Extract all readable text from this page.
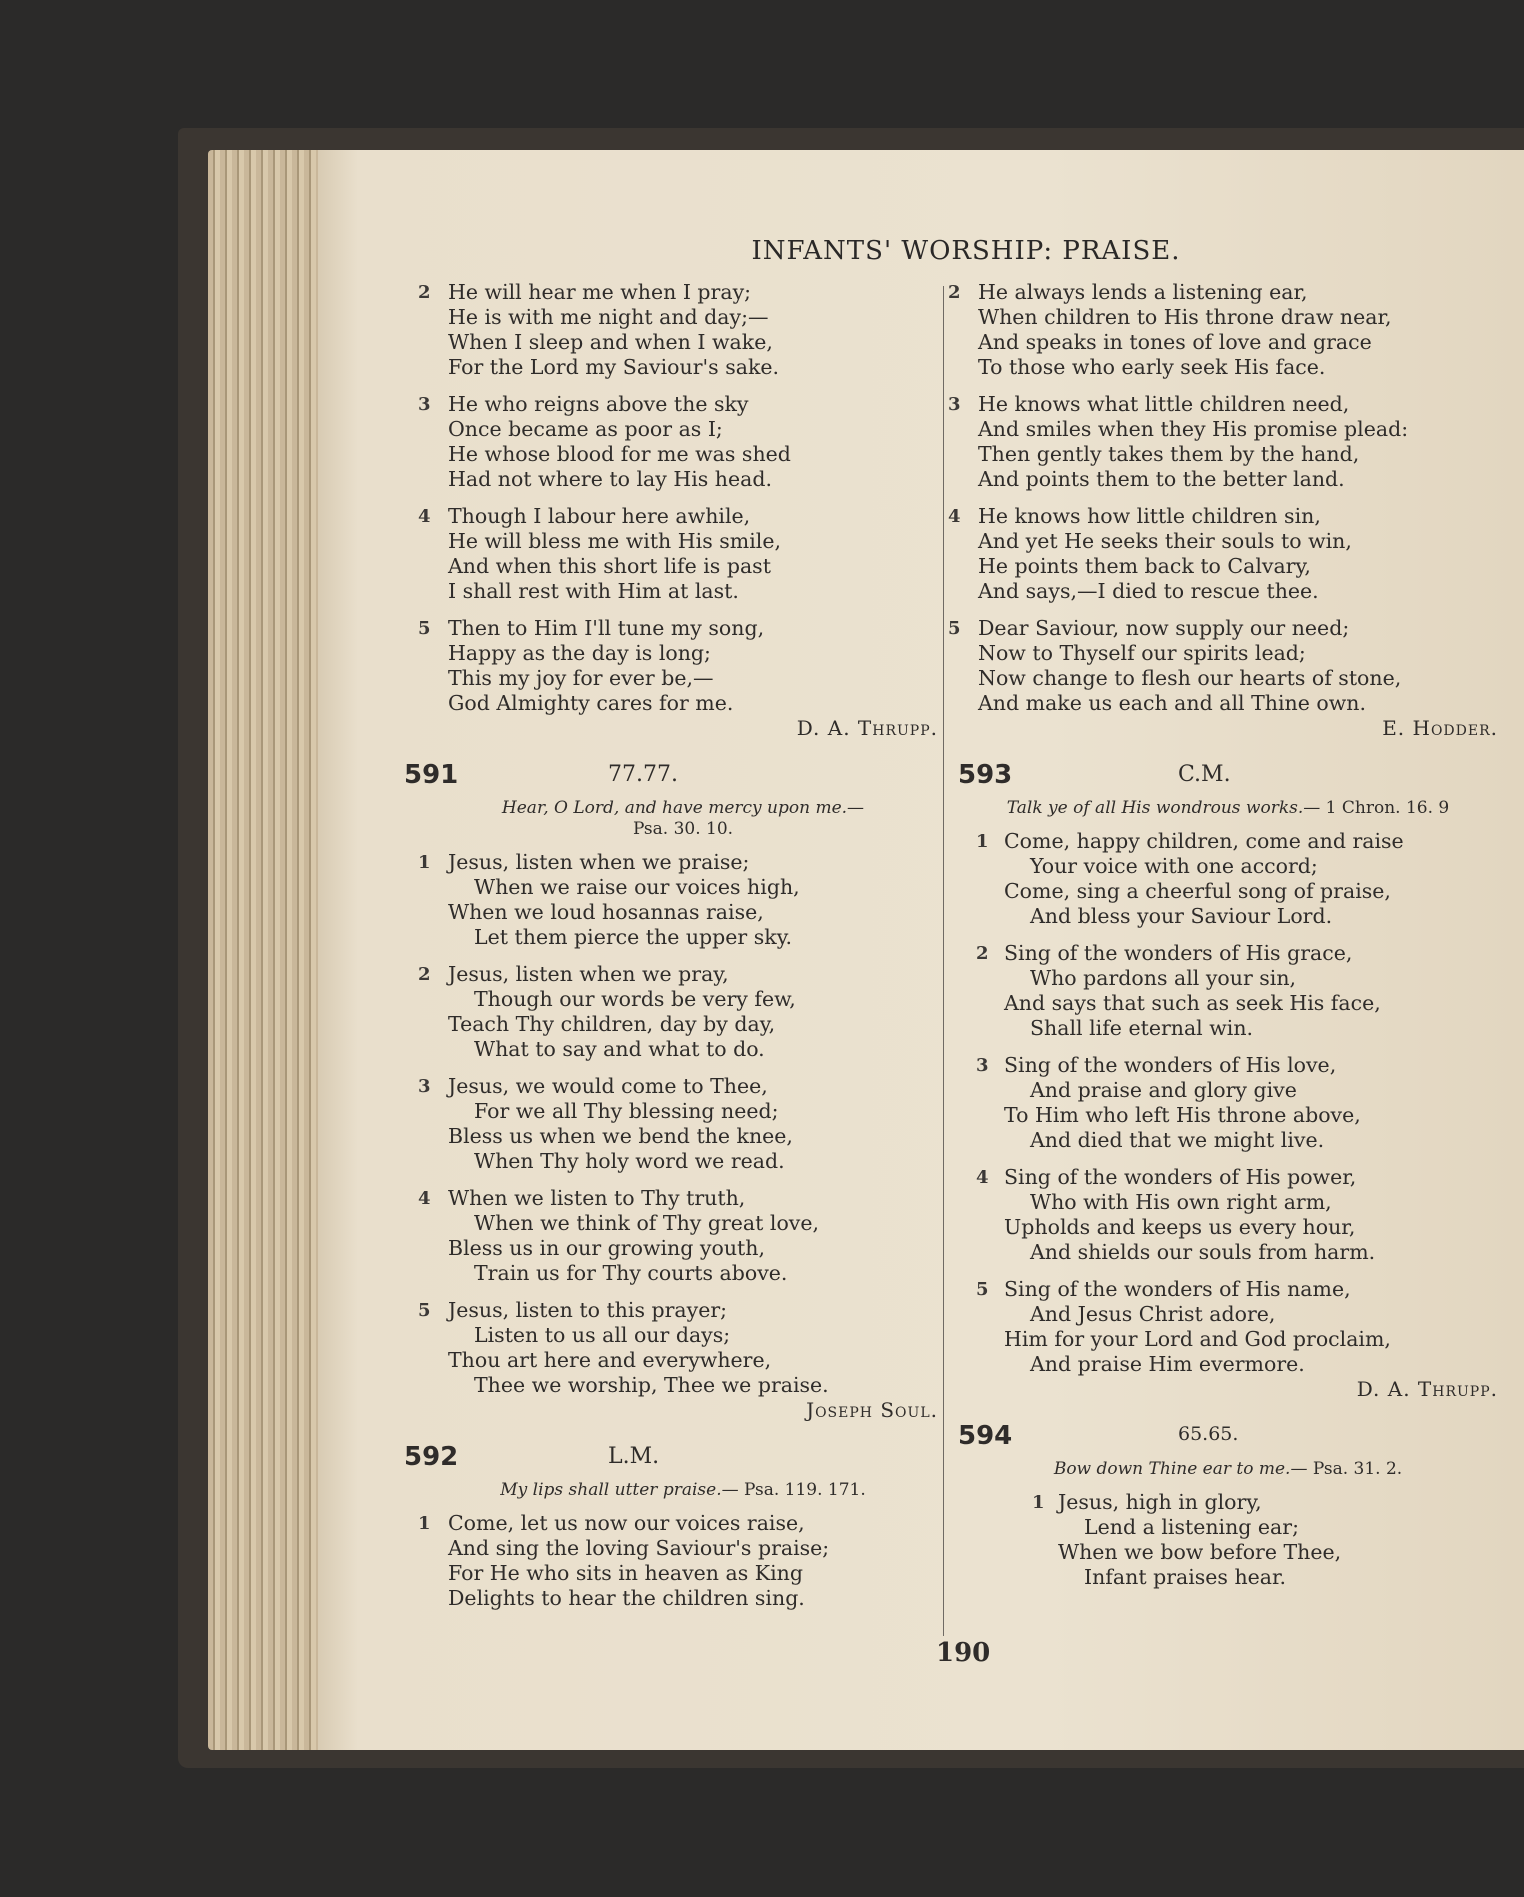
INFANTS' WORSHIP: PRAISE.
2 He will hear me when I pray;
He is with me night and day;—
When I sleep and when I wake,
For the Lord my Saviour's sake.
3 He who reigns above the sky
Once became as poor as I;
He whose blood for me was shed
Had not where to lay His head.
4 Though I labour here awhile,
He will bless me with His smile,
And when this short life is past
I shall rest with Him at last.
5 Then to Him I'll tune my song,
Happy as the day is long;
This my joy for ever be,—
God Almighty cares for me.
D. A. Thrupp.
591	77.77.
Hear, O Lord, and have mercy upon me.—
Psa. 30. 10.
1 Jesus, listen when we praise;
When we raise our voices high,
When we loud hosannas raise,
Let them pierce the upper sky.
2 Jesus, listen when we pray,
Though our words be very few,
Teach Thy children, day by day,
What to say and what to do.
3 Jesus, we would come to Thee,
For we all Thy blessing need;
Bless us when we bend the knee,
When Thy holy word we read.
4 When we listen to Thy truth,
When we think of Thy great love,
Bless us in our growing youth,
Train us for Thy courts above.
5 Jesus, listen to this prayer;
Listen to us all our days;
Thou art here and everywhere,
Thee we worship, Thee we praise.
Joseph Soul.
592	L.M.
My lips shall utter praise.— Psa. 119. 171.
1 Come, let us now our voices raise,
And sing the loving Saviour's praise;
For He who sits in heaven as King
Delights to hear the children sing.
2 He always lends a listening ear,
When children to His throne draw near,
And speaks in tones of love and grace
To those who early seek His face.
3 He knows what little children need,
And smiles when they His promise plead:
Then gently takes them by the hand,
And points them to the better land.
4 He knows how little children sin,
And yet He seeks their souls to win,
He points them back to Calvary,
And says,—I died to rescue thee.
5 Dear Saviour, now supply our need;
Now to Thyself our spirits lead;
Now change to flesh our hearts of stone,
And make us each and all Thine own.
E. Hodder.
593	C.M.
Talk ye of all His wondrous works.— 1 Chron. 16. 9
1 Come, happy children, come and raise
Your voice with one accord;
Come, sing a cheerful song of praise,
And bless your Saviour Lord.
2 Sing of the wonders of His grace,
Who pardons all your sin,
And says that such as seek His face,
Shall life eternal win.
3 Sing of the wonders of His love,
And praise and glory give
To Him who left His throne above,
And died that we might live.
4 Sing of the wonders of His power,
Who with His own right arm,
Upholds and keeps us every hour,
And shields our souls from harm.
5 Sing of the wonders of His name,
And Jesus Christ adore,
Him for your Lord and God proclaim,
And praise Him evermore.
D. A. Thrupp.
594	65.65.
Bow down Thine ear to me.— Psa. 31. 2.
1 Jesus, high in glory,
Lend a listening ear;
When we bow before Thee,
Infant praises hear.
190
